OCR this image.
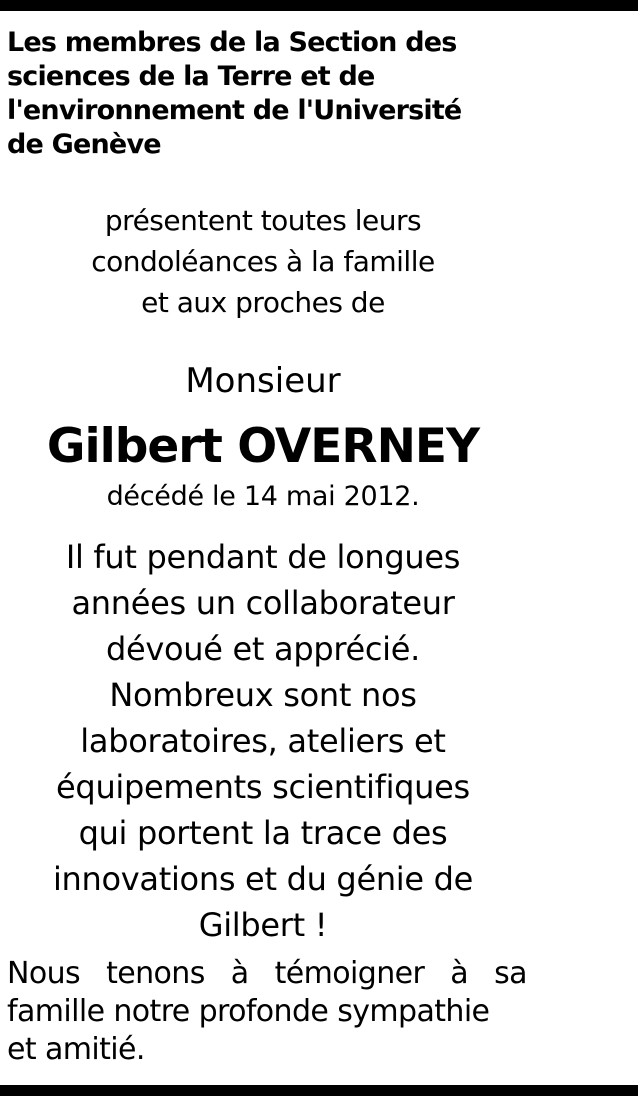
Les membres de la Section des
sciences de la Terre et de
l'environnement de l'Université
de Genève
présentent toutes leurs
condoléances à la famille
et aux proches de
Monsieur
Gilbert OVERNEY
décédé le 14 mai 2012.
Il fut pendant de longues
années un collaborateur
dévoué et apprécié.
Nombreux sont nos
laboratoires, ateliers et
équipements scientifiques
qui portent la trace des
innovations et du génie de
Gilbert !
Nous tenons à témoigner à sa
famille notre profonde sympathie
et amitié.
